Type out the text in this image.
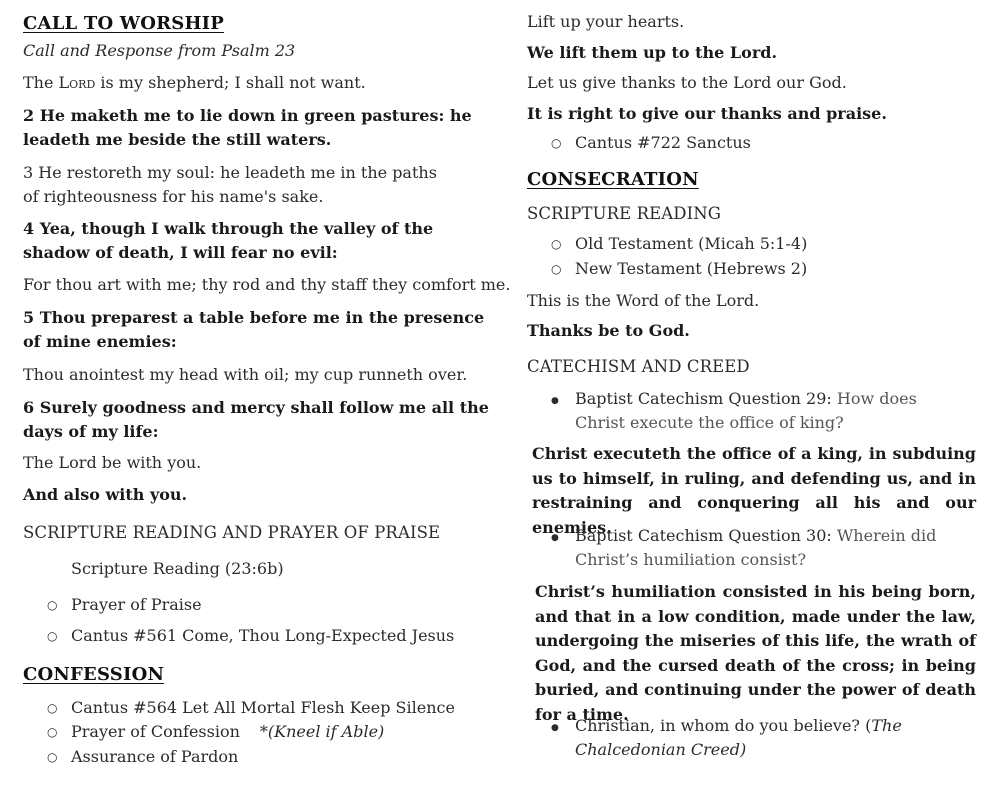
CALL TO WORSHIP
Call and Response from Psalm 23
The Lord is my shepherd; I shall not want.
2 He maketh me to lie down in green pastures: he leadeth me beside the still waters.
3 He restoreth my soul: he leadeth me in the paths of righteousness for his name's sake.
4 Yea, though I walk through the valley of the shadow of death, I will fear no evil:
For thou art with me; thy rod and thy staff they comfort me.
5 Thou preparest a table before me in the presence of mine enemies:
Thou anointest my head with oil; my cup runneth over.
6 Surely goodness and mercy shall follow me all the days of my life:
The Lord be with you.
And also with you.
SCRIPTURE READING AND PRAYER OF PRAISE
Scripture Reading (23:6b)
○
Prayer of Praise
○
Cantus #561 Come, Thou Long-Expected Jesus
CONFESSION
○
Cantus #564 Let All Mortal Flesh Keep Silence
○
Prayer of Confession *(Kneel if Able)
○
Assurance of Pardon
Lift up your hearts.
We lift them up to the Lord.
Let us give thanks to the Lord our God.
It is right to give our thanks and praise.
○
Cantus #722 Sanctus
CONSECRATION
SCRIPTURE READING
○
Old Testament (Micah 5:1-4)
○
New Testament (Hebrews 2)
This is the Word of the Lord.
Thanks be to God.
CATECHISM AND CREED
●
Baptist Catechism Question 29: How does Christ execute the office of king?
Christ executeth the office of a king, in subduing us to himself, in ruling, and defending us, and in restraining and conquering all his and our enemies.
●
Baptist Catechism Question 30: Wherein did Christ’s humiliation consist?
Christ’s humiliation consisted in his being born, and that in a low condition, made under the law, undergoing the miseries of this life, the wrath of God, and the cursed death of the cross; in being buried, and continuing under the power of death for a time.
●
Christian, in whom do you believe? (The Chalcedonian Creed)
